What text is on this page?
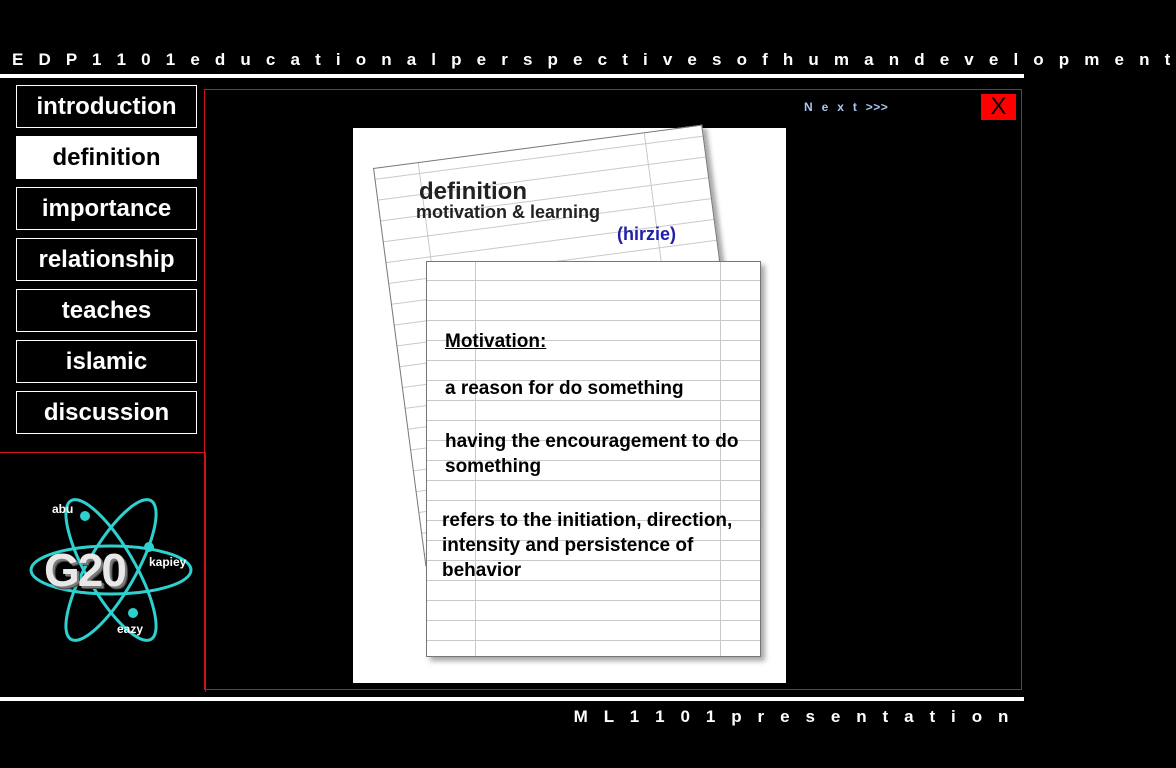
E D P 1 1 0 1 e d u c a t i o n a l p e r s p e c t i v e s o f h u m a n d e v e l o p m e n t
introduction
definition
importance
relationship
teaches
islamic
discussion
N e x t >>>	X
definition
motivation & learning
(hirzie)
Motivation:
a reason for do something
having the encouragement to do something
refers to the initiation, direction, intensity and persistence of behavior
G20
abu
kapiey
eazy
M L 1 1 0 1 p r e s e n t a t i o n
